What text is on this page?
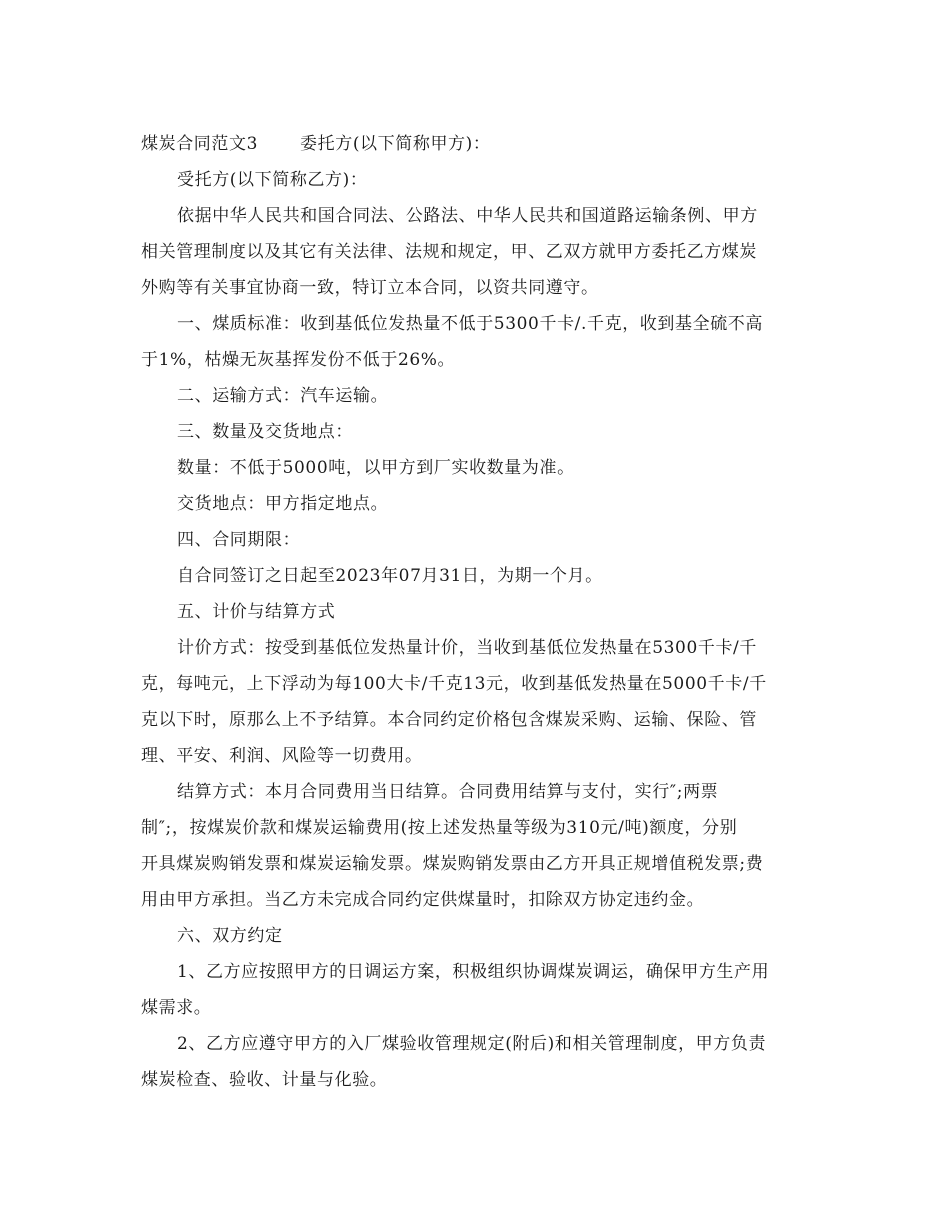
煤炭合同范文3 委托方(以下简称甲方)：
受托方(以下简称乙方)：
依据中华人民共和国合同法、公路法、中华人民共和国道路运输条例、甲方
相关管理制度以及其它有关法律、法规和规定，甲、乙双方就甲方委托乙方煤炭
外购等有关事宜协商一致，特订立本合同，以资共同遵守。
一、煤质标准：收到基低位发热量不低于5300千卡/.千克，收到基全硫不高
于1%，枯燥无灰基挥发份不低于26%。
二、运输方式：汽车运输。
三、数量及交货地点：
数量：不低于5000吨，以甲方到厂实收数量为准。
交货地点：甲方指定地点。
四、合同期限：
自合同签订之日起至2023年07月31日，为期一个月。
五、计价与结算方式
计价方式：按受到基低位发热量计价，当收到基低位发热量在5300千卡/千
克，每吨元，上下浮动为每100大卡/千克13元，收到基低发热量在5000千卡/千
克以下时，原那么上不予结算。本合同约定价格包含煤炭采购、运输、保险、管
理、平安、利润、风险等一切费用。
结算方式：本月合同费用当日结算。合同费用结算与支付，实行″;两票
制″;，按煤炭价款和煤炭运输费用(按上述发热量等级为310元/吨)额度，分别
开具煤炭购销发票和煤炭运输发票。煤炭购销发票由乙方开具正规增值税发票;费
用由甲方承担。当乙方未完成合同约定供煤量时，扣除双方协定违约金。
六、双方约定
1、乙方应按照甲方的日调运方案，积极组织协调煤炭调运，确保甲方生产用
煤需求。
2、乙方应遵守甲方的入厂煤验收管理规定(附后)和相关管理制度，甲方负责
煤炭检查、验收、计量与化验。
